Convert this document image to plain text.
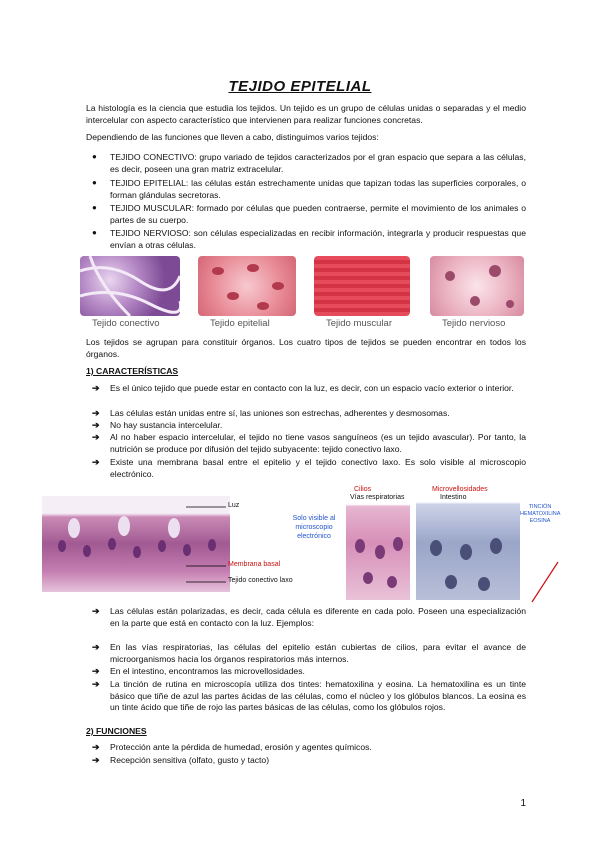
TEJIDO EPITELIAL
La histología es la ciencia que estudia los tejidos. Un tejido es un grupo de células unidas o separadas y el medio intercelular con aspecto característico que intervienen para realizar funciones concretas.
Dependiendo de las funciones que lleven a cabo, distinguimos varios tejidos:
● TEJIDO CONECTIVO: grupo variado de tejidos caracterizados por el gran espacio que separa a las células, es decir, poseen una gran matriz extracelular.
● TEJIDO EPITELIAL: las células están estrechamente unidas que tapizan todas las superficies corporales, o forman glándulas secretoras.
● TEJIDO MUSCULAR: formado por células que pueden contraerse, permite el movimiento de los animales o partes de su cuerpo.
● TEJIDO NERVIOSO: son células especializadas en recibir información, integrarla y producir respuestas que envían a otras células.
Tejido conectivo	Tejido epitelial	Tejido muscular	Tejido nervioso
Los tejidos se agrupan para constituir órganos. Los cuatro tipos de tejidos se pueden encontrar en todos los órganos.
1) CARACTERÍSTICAS
➔ Es el único tejido que puede estar en contacto con la luz, es decir, con un espacio vacío exterior o interior.
➔ Las células están unidas entre sí, las uniones son estrechas, adherentes y desmosomas.
➔ No hay sustancia intercelular.
➔ Al no haber espacio intercelular, el tejido no tiene vasos sanguíneos (es un tejido avascular). Por tanto, la nutrición se produce por difusión del tejido subyacente: tejido conectivo laxo.
➔ Existe una membrana basal entre el epitelio y el tejido conectivo laxo. Es solo visible al microscopio electrónico.
Luz
Membrana basal
Tejido conectivo laxo
Solo visible al microscopio electrónico
Cilios
Vías respiratorias
Microvellosidades
Intestino
TINCIÓN HEMATOXILINA EOSINA
➔ Las células están polarizadas, es decir, cada célula es diferente en cada polo. Poseen una especialización en la parte que está en contacto con la luz. Ejemplos:
➔ En las vías respiratorias, las células del epitelio están cubiertas de cilios, para evitar el avance de microorganismos hacia los órganos respiratorios más internos.
➔ En el intestino, encontramos las microvellosidades.
➔ La tinción de rutina en microscopía utiliza dos tintes: hematoxilina y eosina. La hematoxilina es un tinte básico que tiñe de azul las partes ácidas de las células, como el núcleo y los glóbulos blancos. La eosina es un tinte ácido que tiñe de rojo las partes básicas de las células, como los glóbulos rojos.
2) FUNCIONES
➔ Protección ante la pérdida de humedad, erosión y agentes químicos.
➔ Recepción sensitiva (olfato, gusto y tacto)
1
